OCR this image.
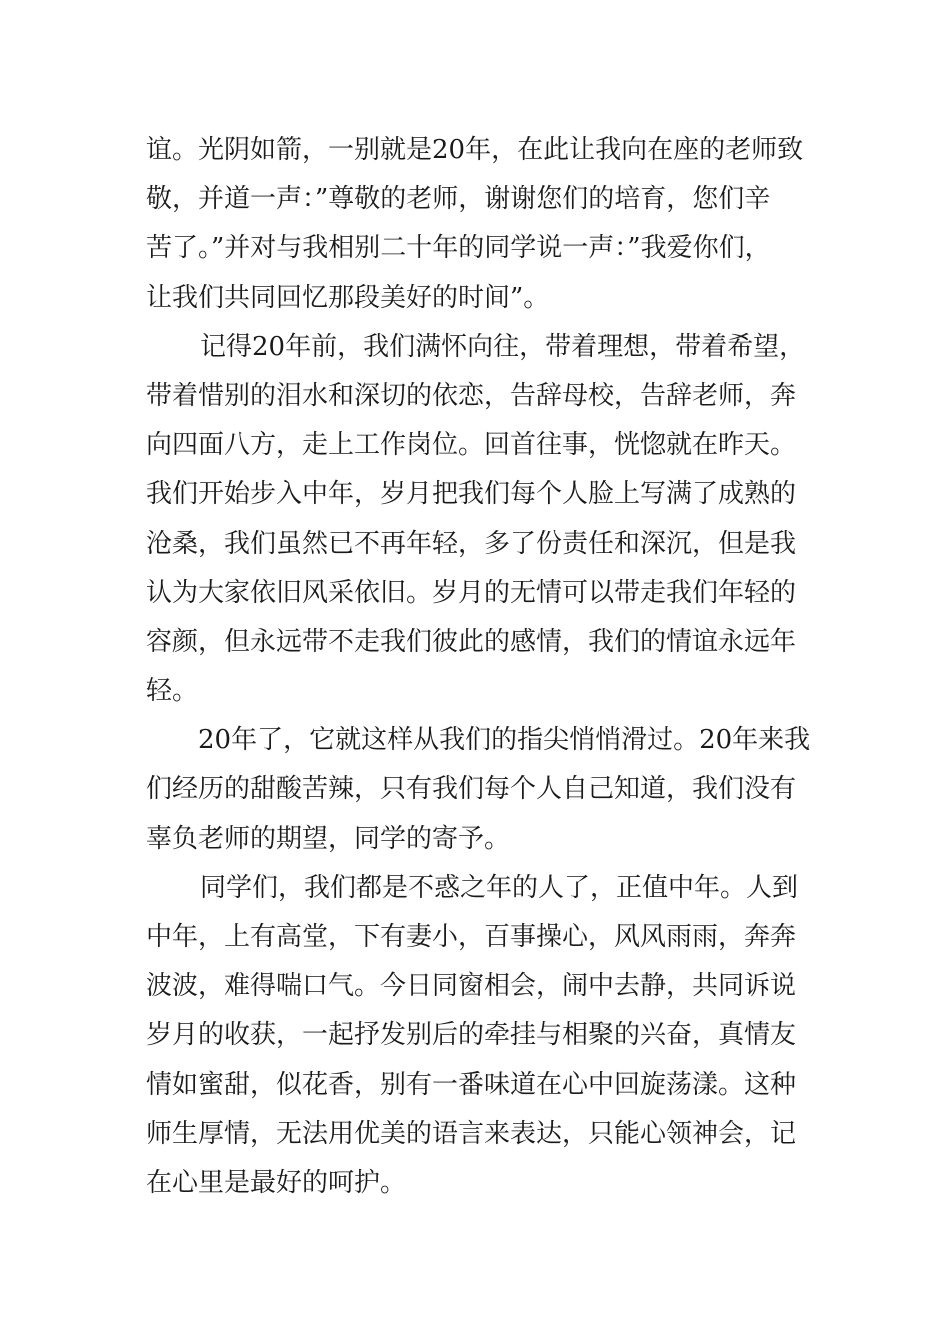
谊。光阴如箭，一别就是20年，在此让我向在座的老师致
敬，并道一声：”尊敬的老师，谢谢您们的培育，您们辛
苦了。”并对与我相别二十年的同学说一声：”我爱你们，
让我们共同回忆那段美好的时间”。
记得20年前，我们满怀向往，带着理想，带着希望，
带着惜别的泪水和深切的依恋，告辞母校，告辞老师，奔
向四面八方，走上工作岗位。回首往事，恍惚就在昨天。
我们开始步入中年，岁月把我们每个人脸上写满了成熟的
沧桑，我们虽然已不再年轻，多了份责任和深沉，但是我
认为大家依旧风采依旧。岁月的无情可以带走我们年轻的
容颜，但永远带不走我们彼此的感情，我们的情谊永远年
轻。
20年了，它就这样从我们的指尖悄悄滑过。20年来我
们经历的甜酸苦辣，只有我们每个人自己知道，我们没有
辜负老师的期望，同学的寄予。
同学们，我们都是不惑之年的人了，正值中年。人到
中年，上有高堂，下有妻小，百事操心，风风雨雨，奔奔
波波，难得喘口气。今日同窗相会，闹中去静，共同诉说
岁月的收获，一起抒发别后的牵挂与相聚的兴奋，真情友
情如蜜甜，似花香，别有一番味道在心中回旋荡漾。这种
师生厚情，无法用优美的语言来表达，只能心领神会，记
在心里是最好的呵护。
